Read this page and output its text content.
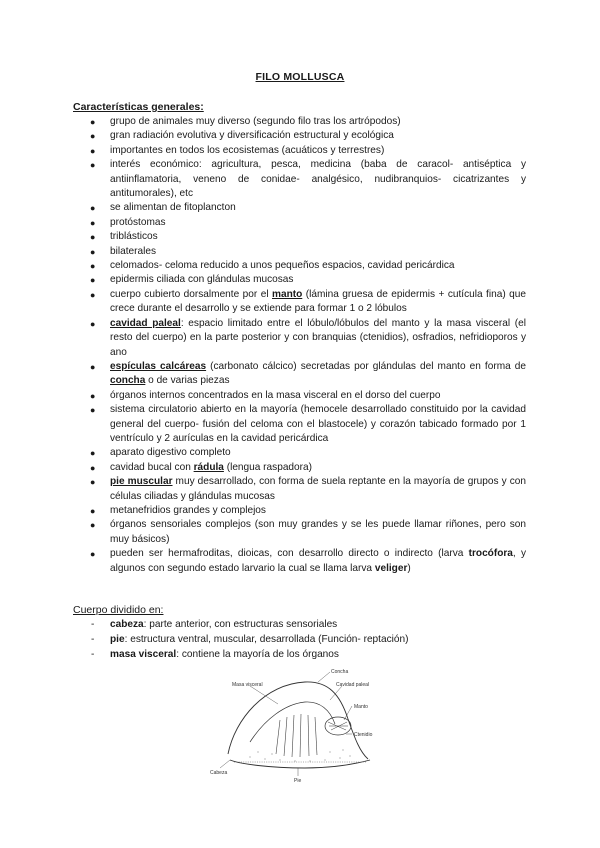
FILO MOLLUSCA
Características generales:
● grupo de animales muy diverso (segundo filo tras los artrópodos)
● gran radiación evolutiva y diversificación estructural y ecológica
● importantes en todos los ecosistemas (acuáticos y terrestres)
● interés económico: agricultura, pesca, medicina (baba de caracol- antiséptica y antiinflamatoria, veneno de conidae- analgésico, nudibranquios- cicatrizantes y antitumorales), etc
● se alimentan de fitoplancton
● protóstomas
● triblásticos
● bilaterales
● celomados- celoma reducido a unos pequeños espacios, cavidad pericárdica
● epidermis ciliada con glándulas mucosas
● cuerpo cubierto dorsalmente por el manto (lámina gruesa de epidermis + cutícula fina) que crece durante el desarrollo y se extiende para formar 1 o 2 lóbulos
● cavidad paleal: espacio limitado entre el lóbulo/lóbulos del manto y la masa visceral (el resto del cuerpo) en la parte posterior y con branquias (ctenidios), osfradios, nefridioporos y ano
● espículas calcáreas (carbonato cálcico) secretadas por glándulas del manto en forma de concha o de varias piezas
● órganos internos concentrados en la masa visceral en el dorso del cuerpo
● sistema circulatorio abierto en la mayoría (hemocele desarrollado constituido por la cavidad general del cuerpo- fusión del celoma con el blastocele) y corazón tabicado formado por 1 ventrículo y 2 aurículas en la cavidad pericárdica
● aparato digestivo completo
● cavidad bucal con rádula (lengua raspadora)
● pie muscular muy desarrollado, con forma de suela reptante en la mayoría de grupos y con células ciliadas y glándulas mucosas
● metanefridios grandes y complejos
● órganos sensoriales complejos (son muy grandes y se les puede llamar riñones, pero son muy básicos)
● pueden ser hermafroditas, dioicas, con desarrollo directo o indirecto (larva trocófora, y algunos con segundo estado larvario la cual se llama larva veliger)
Cuerpo dividido en:
- cabeza: parte anterior, con estructuras sensoriales
- pie: estructura ventral, muscular, desarrollada (Función- reptación)
- masa visceral: contiene la mayoría de los órganos
Concha
Masa visceral	Cavidad paleal
Manto
Ctenidio
Cabeza
Pie
